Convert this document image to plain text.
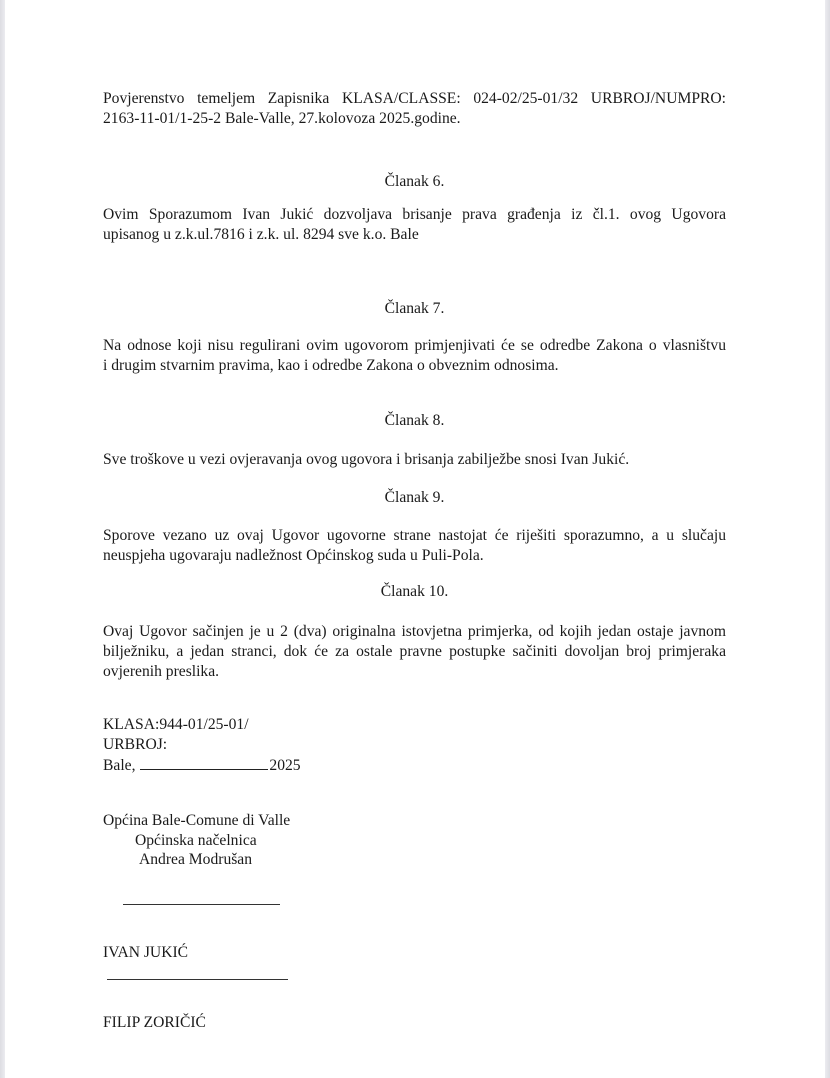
Povjerenstvo temeljem Zapisnika KLASA/CLASSE: 024-02/25-01/32 URBROJ/NUMPRO:
2163-11-01/1-25-2 Bale-Valle, 27.kolovoza 2025.godine.
Članak 6.
Ovim Sporazumom Ivan Jukić dozvoljava brisanje prava građenja iz čl.1. ovog Ugovora
upisanog u z.k.ul.7816 i z.k. ul. 8294 sve k.o. Bale
Članak 7.
Na odnose koji nisu regulirani ovim ugovorom primjenjivati će se odredbe Zakona o vlasništvu
i drugim stvarnim pravima, kao i odredbe Zakona o obveznim odnosima.
Članak 8.
Sve troškove u vezi ovjeravanja ovog ugovora i brisanja zabilježbe snosi Ivan Jukić.
Članak 9.
Sporove vezano uz ovaj Ugovor ugovorne strane nastojat će riješiti sporazumno, a u slučaju
neuspjeha ugovaraju nadležnost Općinskog suda u Puli-Pola.
Članak 10.
Ovaj Ugovor sačinjen je u 2 (dva) originalna istovjetna primjerka, od kojih jedan ostaje javnom
bilježniku, a jedan stranci, dok će za ostale pravne postupke sačiniti dovoljan broj primjeraka
ovjerenih preslika.
KLASA:944-01/25-01/
URBROJ:
Bale,	2025
Općina Bale-Comune di Valle
Općinska načelnica
Andrea Modrušan
IVAN JUKIĆ
FILIP ZORIČIĆ
